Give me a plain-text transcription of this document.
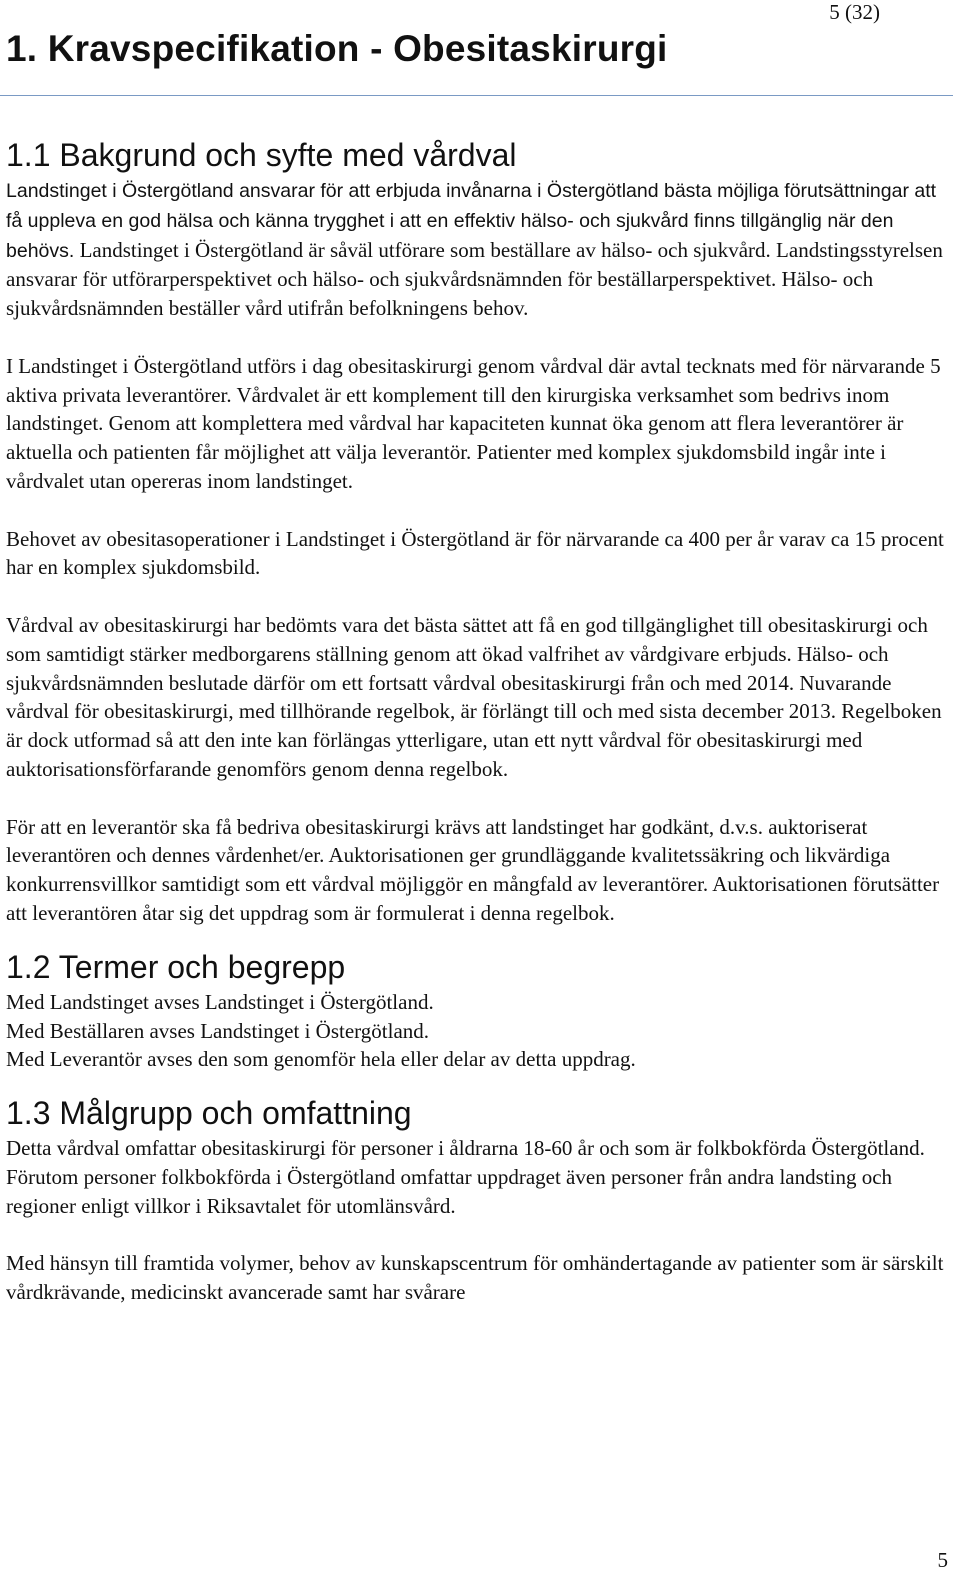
5 (32)
1. Kravspecifikation - Obesitaskirurgi
1.1 Bakgrund och syfte med vårdval

Landstinget i Östergötland ansvarar för att erbjuda invånarna i Östergötland bästa möjliga förutsättningar att få uppleva en god hälsa och känna trygghet i att en effektiv hälso- och sjukvård finns tillgänglig när den behövs. Landstinget i Östergötland är såväl utförare som beställare av hälso- och sjukvård. Landstingsstyrelsen ansvarar för utförarperspektivet och hälso- och sjukvårdsnämnden för beställarperspektivet. Hälso- och sjukvårdsnämnden beställer vård utifrån befolkningens behov.

I Landstinget i Östergötland utförs i dag obesitaskirurgi genom vårdval där avtal tecknats med för närvarande 5 aktiva privata leverantörer. Vårdvalet är ett komplement till den kirurgiska verksamhet som bedrivs inom landstinget. Genom att komplettera med vårdval har kapaciteten kunnat öka genom att flera leverantörer är aktuella och patienten får möjlighet att välja leverantör. Patienter med komplex sjukdomsbild ingår inte i vårdvalet utan opereras inom landstinget.

Behovet av obesitasoperationer i Landstinget i Östergötland är för närvarande ca 400 per år varav ca 15 procent har en komplex sjukdomsbild.

Vårdval av obesitaskirurgi har bedömts vara det bästa sättet att få en god tillgänglighet till obesitaskirurgi och som samtidigt stärker medborgarens ställning genom att ökad valfrihet av vårdgivare erbjuds. Hälso- och sjukvårdsnämnden beslutade därför om ett fortsatt vårdval obesitaskirurgi från och med 2014. Nuvarande vårdval för obesitaskirurgi, med tillhörande regelbok, är förlängt till och med sista december 2013. Regelboken är dock utformad så att den inte kan förlängas ytterligare, utan ett nytt vårdval för obesitaskirurgi med auktorisationsförfarande genomförs genom denna regelbok.

För att en leverantör ska få bedriva obesitaskirurgi krävs att landstinget har godkänt, d.v.s. auktoriserat leverantören och dennes vårdenhet/er. Auktorisationen ger grundläggande kvalitetssäkring och likvärdiga konkurrensvillkor samtidigt som ett vårdval möjliggör en mångfald av leverantörer. Auktorisationen förutsätter att leverantören åtar sig det uppdrag som är formulerat i denna regelbok.

1.2 Termer och begrepp

Med Landstinget avses Landstinget i Östergötland.

Med Beställaren avses Landstinget i Östergötland.

Med Leverantör avses den som genomför hela eller delar av detta uppdrag.

1.3 Målgrupp och omfattning

Detta vårdval omfattar obesitaskirurgi för personer i åldrarna 18-60 år och som är folkbokförda Östergötland. Förutom personer folkbokförda i Östergötland omfattar uppdraget även personer från andra landsting och regioner enligt villkor i Riksavtalet för utomlänsvård.

Med hänsyn till framtida volymer, behov av kunskapscentrum för omhändertagande av patienter som är särskilt vårdkrävande, medicinskt avancerade samt har svårare

5
